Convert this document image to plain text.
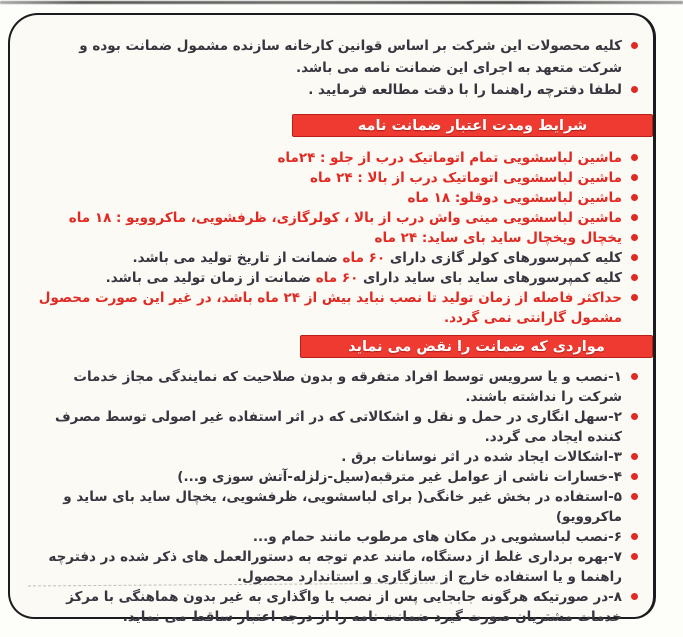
کلیه محصولات این شرکت بر اساس قوانین کارخانه سازنده مشمول ضمانت بوده و شرکت متعهد به اجرای این ضمانت نامه می باشد.
لطفا دفترچه راهنما را با دقت مطالعه فرمایید .
شرایط ومدت اعتبار ضمانت نامه
ماشین لباسشویی تمام اتوماتیک درب از جلو : ۲۴ماه
ماشین لباسشویی اتوماتیک درب از بالا : ۲۴ ماه
ماشین لباسشویی دوقلو: ۱۸ ماه
ماشین لباسشویی مینی واش درب از بالا ، کولرگازی، ظرفشویی، ماکروویو : ۱۸ ماه
یخچال ویخچال ساید بای ساید: ۲۴ ماه
کلیه کمپرسورهای کولر گازی دارای ۶۰ ماه ضمانت از تاریخ تولید می باشد.
کلیه کمپرسورهای ساید بای ساید دارای ۶۰ ماه ضمانت از زمان تولید می باشد.
حداکثر فاصله از زمان تولید تا نصب نباید بیش از ۲۴ ماه باشد، در غیر این صورت محصول مشمول گارانتی نمی گردد.
مواردی که ضمانت را نقض می نماید
۱-نصب و یا سرویس توسط افراد متفرقه و بدون صلاحیت که نمایندگی مجاز خدمات شرکت را نداشته باشند.
۲-سهل انگاری در حمل و نقل و اشکالاتی که در اثر استفاده غیر اصولی توسط مصرف کننده ایجاد می گردد.
۳-اشکالات ایجاد شده در اثر نوسانات برق .
۴-خسارات ناشی از عوامل غیر مترقبه(سیل-زلزله-آتش سوزی و...)
۵-استفاده در بخش غیر خانگی( برای لباسشویی، ظرفشویی، یخچال ساید بای ساید و ماکروویو)
۶-نصب لباسشویی در مکان های مرطوب مانند حمام و...
۷-بهره برداری غلط از دستگاه، مانند عدم توجه به دستورالعمل های ذکر شده در دفترچه راهنما و یا استفاده خارج از سازگاری و استاندارد محصول.
۸-در صورتیکه هرگونه جابجایی پس از نصب یا واگذاری به غیر بدون هماهنگی با مرکز خدمات مشتریان صورت گیرد ضمانت نامه را از درجه اعتبار ساقط می نماید.
